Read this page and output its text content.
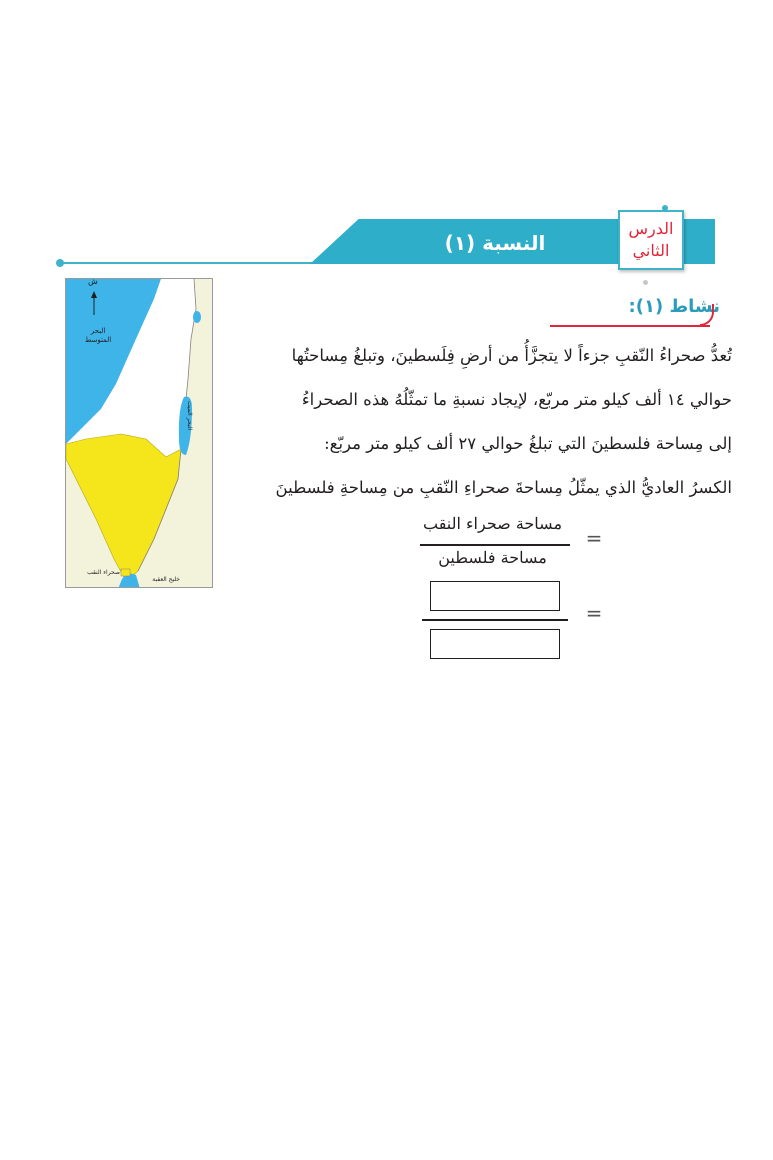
النسبة (١)
الدرس
الثاني
ش
البحر
المتوسط
البحر الميت
صحراء النقب
خليج العقبة
نشاط (١):
تُعدُّ صحراءُ النّقبِ جزءاً لا يتجزَّأُ من أرضِ فِلَسطينَ، وتبلغُ مِساحتُها
حوالي ١٤ ألف كيلو متر مربّع، لإيجاد نسبةِ ما تمثّلُهُ هذه الصحراءُ
إلى مِساحة فلسطينَ التي تبلغُ حوالي ٢٧ ألف كيلو متر مربّع:
الكسرُ العاديُّ الذي يمثّلُ مِساحةَ صحراءِ النّقبِ من مِساحةِ فلسطينَ
=
مساحة صحراء النقب
مساحة فلسطين
=
